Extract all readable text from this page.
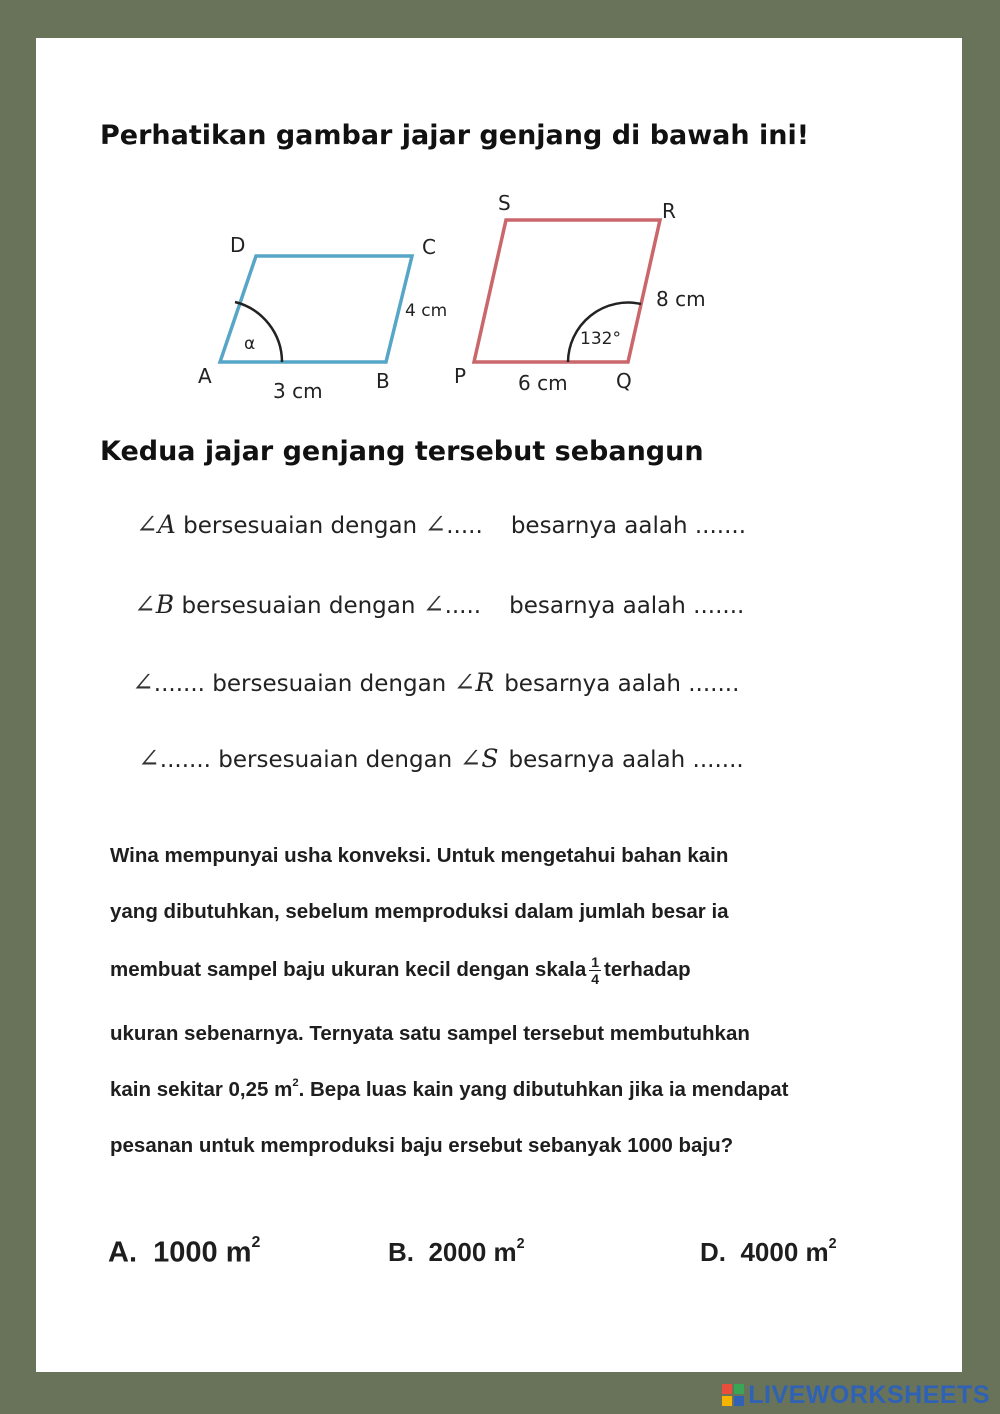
Perhatikan gambar jajar genjang di bawah ini!
α
A	B
C
D
3 cm
4 cm
132°
P	Q
R
S
6 cm
8 cm
Kedua jajar genjang tersebut sebangun

∠A bersesuaian dengan ∠..... besarnya aalah .......

∠B bersesuaian dengan ∠..... besarnya aalah .......

∠....... bersesuaian dengan ∠R besarnya aalah .......

∠....... bersesuaian dengan ∠S besarnya aalah .......

Wina mempunyai usha konveksi. Untuk mengetahui bahan kain

yang dibutuhkan, sebelum memproduksi dalam jumlah besar ia

membuat sampel baju ukuran kecil dengan skala $\frac{1}{4}$ terhadap

ukuran sebenarnya. Ternyata satu sampel tersebut membutuhkan

kain sekitar 0,25 $m^2$. Bepa luas kain yang dibutuhkan jika ia mendapat

pesanan untuk memproduksi baju ersebut sebanyak 1000 baju?

A. 1000 $m^2$	B. 2000 $m^2$	D. 4000 $m^2$

LIVEWORKSHEETS
